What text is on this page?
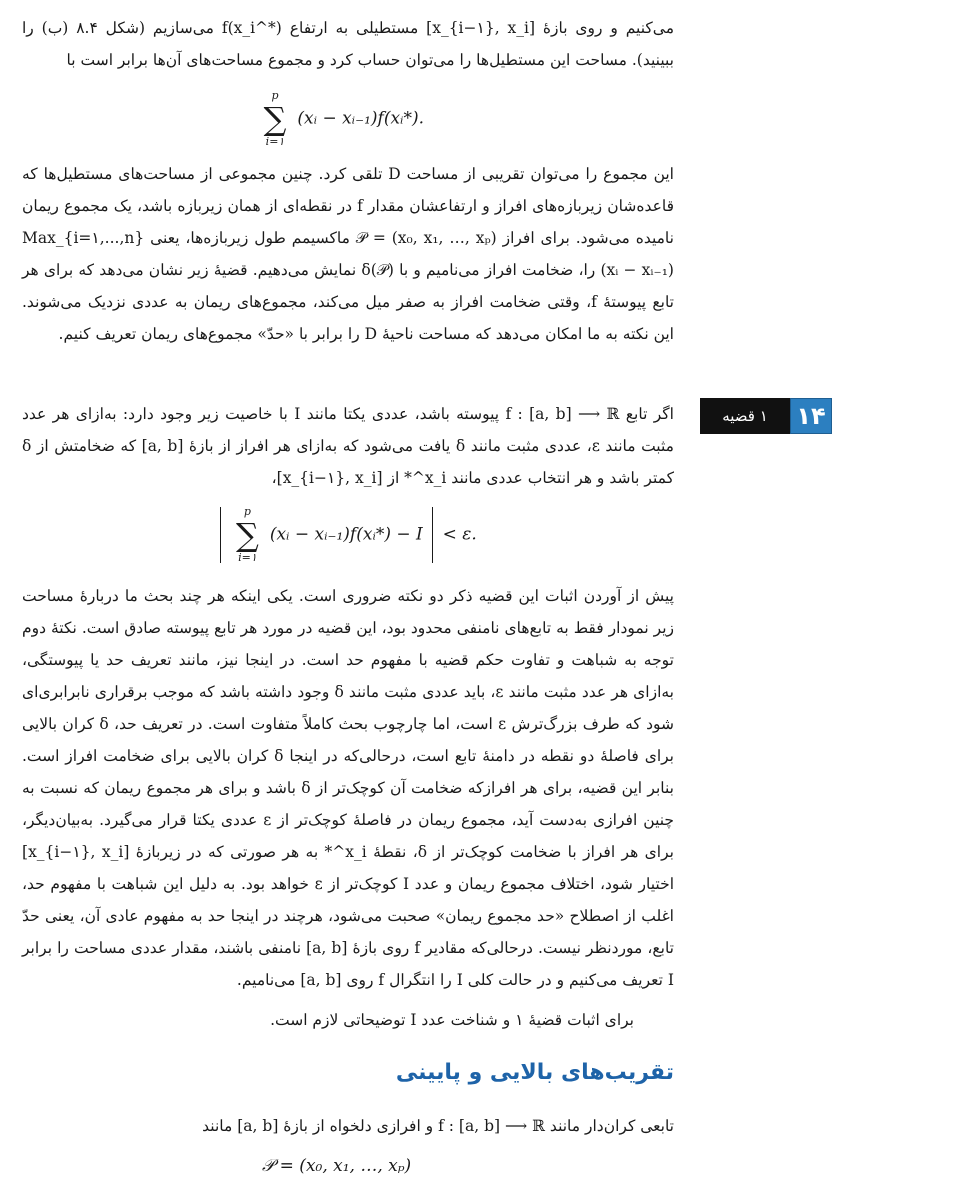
می‌کنیم و روی بازهٔ [x_{i−۱}, x_i] مستطیلی به ارتفاع f(x_i^*) می‌سازیم (شکل ۸.۴ (ب) را ببینید). مساحت این مستطیل‌ها را می‌توان حساب کرد و مجموع مساحت‌های آن‌ها برابر است با

p
∑
i=۱
(xᵢ − xᵢ₋₁)f(xᵢ*).

این مجموع را می‌توان تقریبی از مساحت D تلقی کرد. چنین مجموعی از مساحت‌های مستطیل‌ها که قاعده‌شان زیربازه‌های افراز و ارتفاعشان مقدار f در نقطه‌ای از همان زیربازه باشد، یک مجموع ریمان نامیده می‌شود. برای افراز 𝒫 = (x₀, x₁, …, xₚ) ماکسیمم طول زیربازه‌ها، یعنی Max_{i=۱,...,n}(xᵢ − xᵢ₋₁) را، ضخامت افراز می‌نامیم و با δ(𝒫) نمایش می‌دهیم. قضیهٔ زیر نشان می‌دهد که برای هر تابع پیوستهٔ f، وقتی ضخامت افراز به صفر میل می‌کند، مجموع‌های ریمان به عددی نزدیک می‌شوند. این نکته به ما امکان می‌دهد که مساحت ناحیهٔ D را برابر با «حدّ» مجموع‌های ریمان تعریف کنیم.

۱۴
۱ قضیه

اگر تابع f : [a, b] ⟶ ℝ پیوسته باشد، عددی یکتا مانند I با خاصیت زیر وجود دارد: به‌ازای هر عدد مثبت مانند ε، عددی مثبت مانند δ یافت می‌شود که به‌ازای هر افراز از بازهٔ [a, b] که ضخامتش از δ کمتر باشد و هر انتخاب عددی مانند x_i^* از [x_{i−۱}, x_i]،

p
∑
i=۱
(xᵢ − xᵢ₋₁)f(xᵢ*) − I < ε.

پیش از آوردن اثبات این قضیه ذکر دو نکته ضروری است. یکی اینکه هر چند بحث ما دربارهٔ مساحت زیر نمودار فقط به تابع‌های نامنفی محدود بود، این قضیه در مورد هر تابع پیوسته صادق است. نکتهٔ دوم توجه به شباهت و تفاوت حکم قضیه با مفهوم حد است. در اینجا نیز، مانند تعریف حد یا پیوستگی، به‌ازای هر عدد مثبت مانند ε، باید عددی مثبت مانند δ وجود داشته باشد که موجب برقراری نابرابری‌ای شود که طرف بزرگ‌ترش ε است، اما چارچوب بحث کاملاً متفاوت است. در تعریف حد، δ کران بالایی برای فاصلهٔ دو نقطه در دامنهٔ تابع است، درحالی‌که در اینجا δ کران بالایی برای ضخامت افراز است. بنابر این قضیه، برای هر افرازکه ضخامت آن کوچک‌تر از δ باشد و برای هر مجموع ریمان که نسبت به چنین افرازی به‌دست آید، مجموع ریمان در فاصلهٔ کوچک‌تر از ε عددی یکتا قرار می‌گیرد. به‌بیان‌دیگر، برای هر افراز با ضخامت کوچک‌تر از δ، نقطهٔ x_i^* به هر صورتی که در زیربازهٔ [x_{i−۱}, x_i] اختیار شود، اختلاف مجموع ریمان و عدد I کوچک‌تر از ε خواهد بود. به دلیل این شباهت با مفهوم حد، اغلب از اصطلاح «حد مجموع ریمان» صحبت می‌شود، هرچند در اینجا حد به مفهوم عادی آن، یعنی حدّ تابع، موردنظر نیست. درحالی‌که مقادیر f روی بازهٔ [a, b] نامنفی باشند، مقدار عددی مساحت را برابر I تعریف می‌کنیم و در حالت کلی I را انتگرال f روی [a, b] می‌نامیم.

برای اثبات قضیهٔ ۱ و شناخت عدد I توضیحاتی لازم است.

تقریب‌های بالایی و پایینی

تابعی کران‌دار مانند f : [a, b] ⟶ ℝ و افرازی دلخواه از بازهٔ [a, b] مانند

𝒫 = (x₀, x₁, …, xₚ)
